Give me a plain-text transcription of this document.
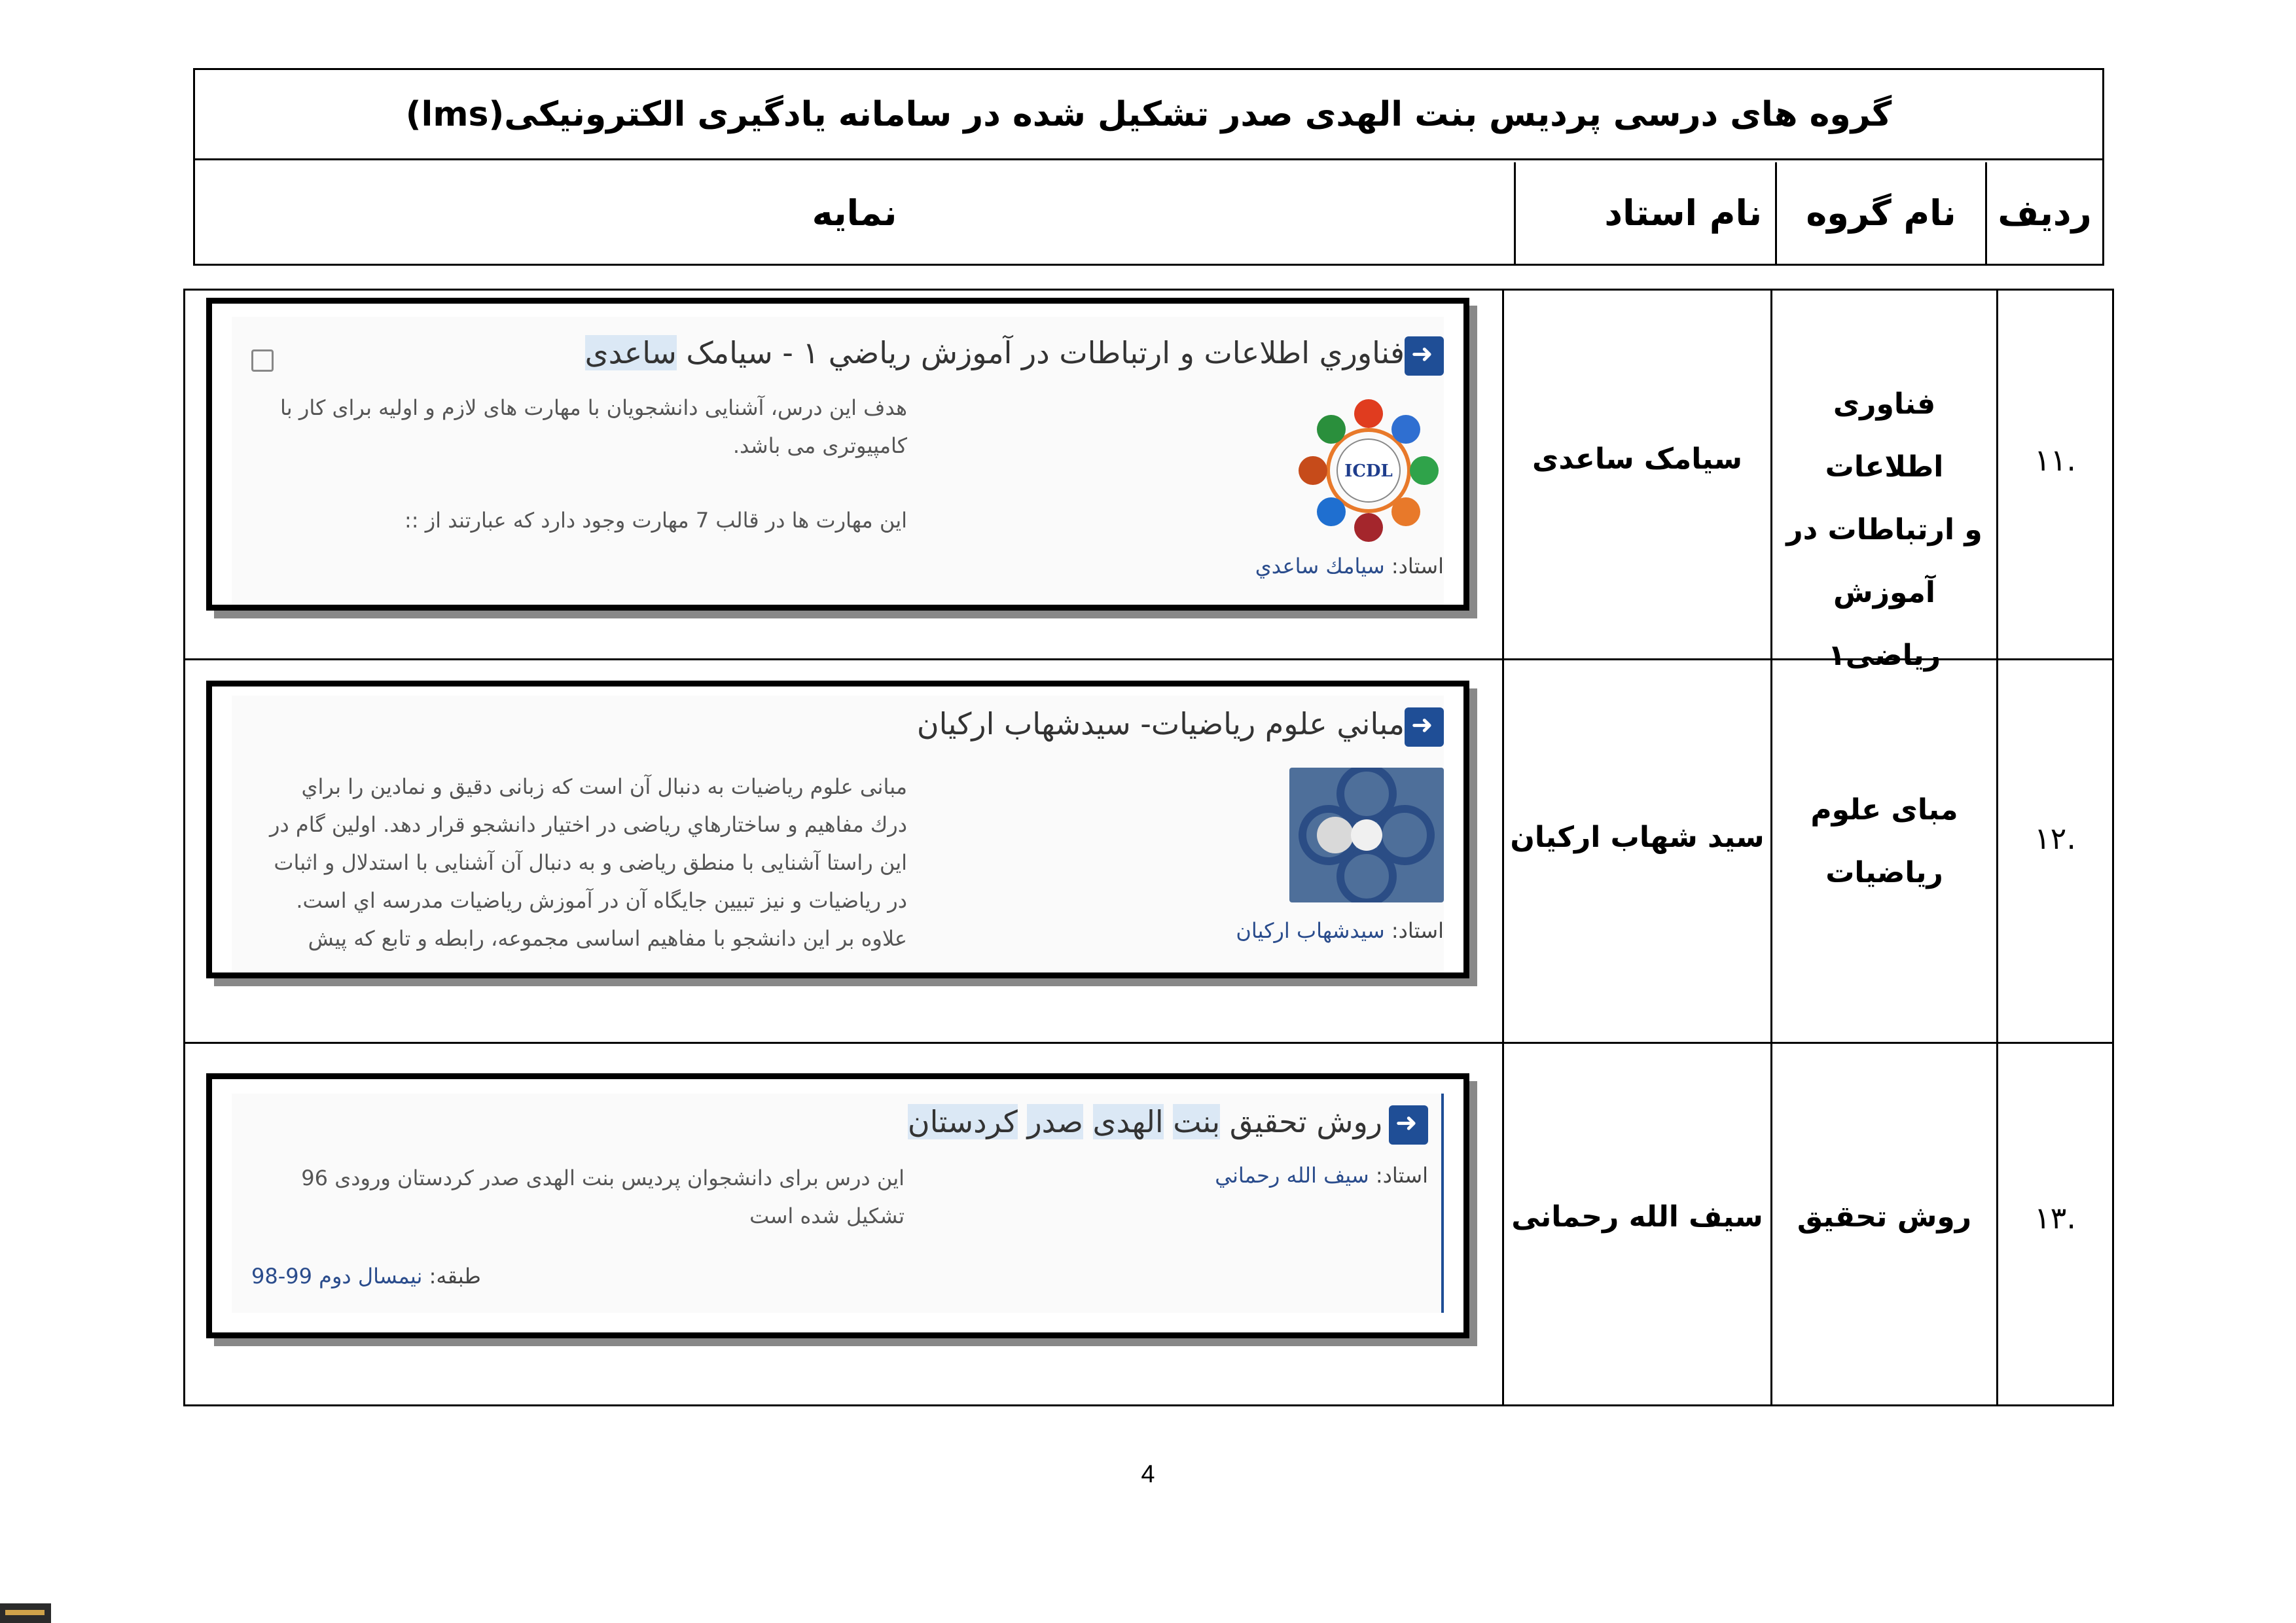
گروه های درسی پردیس بنت الهدی صدر تشکیل شده در سامانه یادگیری الکترونیکی(lms)
ردیف
نام گروه
نام استاد
نمایه
۱۱.
فناوری اطلاعات
و ارتباطات در
آموزش ریاضی۱
سیامک ساعدی
➜
فناوري اطلاعات و ارتباطات در آموزش رياضي ۱ - سيامک ساعدی
ICDL
هدف این درس، آشنایی دانشجویان با مهارت های لازم و اولیه برای کار با
کامپیوتری می باشد.
این مهارت ها در قالب 7 مهارت وجود دارد که عبارتند از ::
استاد: سيامك ساعدي
۱۲.
مبای علوم
ریاضیات
سید شهاب ارکیان
➜
مباني علوم رياضيات- سيدشهاب اركيان
مبانی علوم رياضيات به دنبال آن است که زبانی دقیق و نمادین را براي
درك مفاهيم و ساختارهاي رياضی در اختيار دانشجو قرار دهد. اولین گام در
این راستا آشنایی با منطق رياضی و به دنبال آن آشنایی با استدلال و اثبات
در رياضيات و نیز تبیین جایگاه آن در آموزش رياضيات مدرسه اي است.
علاوه بر این دانشجو با مفاهیم اساسی مجموعه، رابطه و تابع که پیش	استاد: سيدشهاب اركيان
۱۳.
روش تحقیق
سیف الله رحمانی
➜
روش تحقیق بنت الهدی صدر کردستان
استاد: سيف الله رحماني
این درس برای دانشجوان پردیس بنت الهدی صدر کردستان ورودی 96
تشکیل شده است
طبقه: نیمسال دوم 99-98
4
